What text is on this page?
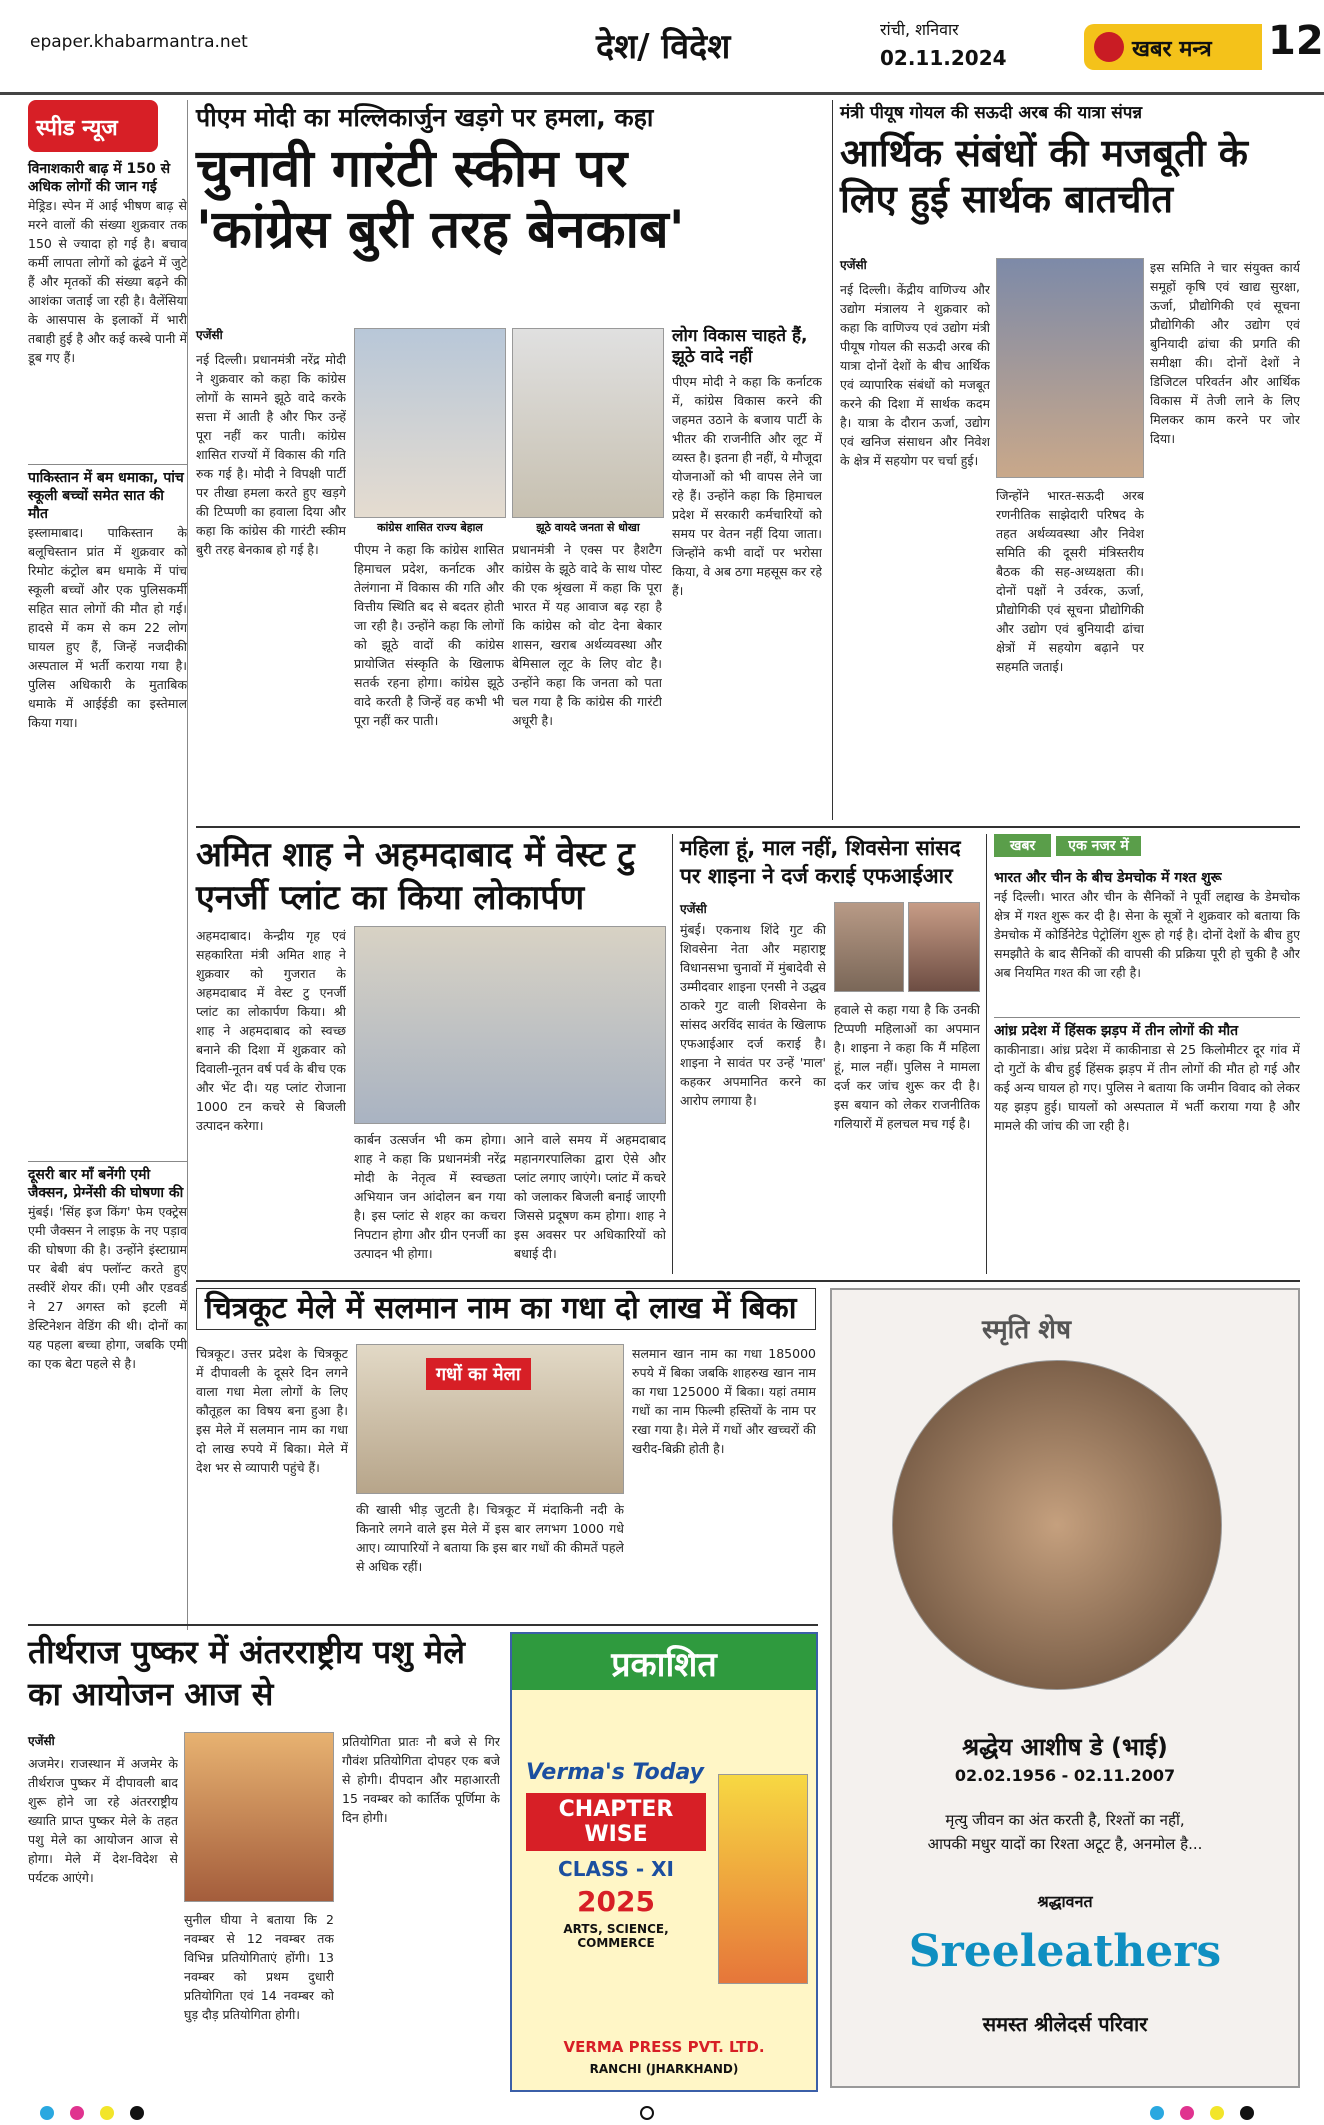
epaper.khabarmantra.net	देश/ विदेश	रांची, शनिवार
02.11.2024	खबर मन्त्र	12
स्पीड न्यूज
विनाशकारी बाढ़ में 150 से अधिक लोगों की जान गई
मेड्रिड। स्पेन में आई भीषण बाढ़ से मरने वालों की संख्या शुक्रवार तक 150 से ज्यादा हो गई है। बचाव कर्मी लापता लोगों को ढूंढने में जुटे हैं और मृतकों की संख्या बढ़ने की आशंका जताई जा रही है। वैलेंसिया के आसपास के इलाकों में भारी तबाही हुई है और कई कस्बे पानी में डूब गए हैं।
पाकिस्तान में बम धमाका, पांच स्कूली बच्चों समेत सात की मौत
इस्लामाबाद। पाकिस्तान के बलूचिस्तान प्रांत में शुक्रवार को रिमोट कंट्रोल बम धमाके में पांच स्कूली बच्चों और एक पुलिसकर्मी सहित सात लोगों की मौत हो गई। हादसे में कम से कम 22 लोग घायल हुए हैं, जिन्हें नजदीकी अस्पताल में भर्ती कराया गया है। पुलिस अधिकारी के मुताबिक धमाके में आईईडी का इस्तेमाल किया गया।
दूसरी बार माँ बनेंगी एमी जैक्सन, प्रेग्नेंसी की घोषणा की
मुंबई। 'सिंह इज किंग' फेम एक्ट्रेस एमी जैक्सन ने लाइफ़ के नए पड़ाव की घोषणा की है। उन्होंने इंस्टाग्राम पर बेबी बंप फ्लॉन्ट करते हुए तस्वीरें शेयर कीं। एमी और एडवर्ड ने 27 अगस्त को इटली में डेस्टिनेशन वेडिंग की थी। दोनों का यह पहला बच्चा होगा, जबकि एमी का एक बेटा पहले से है।
पीएम मोदी का मल्लिकार्जुन खड़गे पर हमला, कहा
चुनावी गारंटी स्कीम पर
'कांग्रेस बुरी तरह बेनकाब'
एजेंसी
नई दिल्ली। प्रधानमंत्री नरेंद्र मोदी ने शुक्रवार को कहा कि कांग्रेस लोगों के सामने झूठे वादे करके सत्ता में आती है और फिर उन्हें पूरा नहीं कर पाती। कांग्रेस शासित राज्यों में विकास की गति रुक गई है। मोदी ने विपक्षी पार्टी पर तीखा हमला करते हुए खड़गे की टिप्पणी का हवाला दिया और कहा कि कांग्रेस की गारंटी स्कीम बुरी तरह बेनकाब हो गई है।
कांग्रेस शासित राज्य बेहाल	झूठे वायदे जनता से धोखा
पीएम ने कहा कि कांग्रेस शासित हिमाचल प्रदेश, कर्नाटक और तेलंगाना में विकास की गति और वित्तीय स्थिति बद से बदतर होती जा रही है। उन्होंने कहा कि लोगों को झूठे वादों की कांग्रेस प्रायोजित संस्कृति के खिलाफ सतर्क रहना होगा। कांग्रेस झूठे वादे करती है जिन्हें वह कभी भी पूरा नहीं कर पाती।
प्रधानमंत्री ने एक्स पर हैशटैग कांग्रेस के झूठे वादे के साथ पोस्ट की एक श्रृंखला में कहा कि पूरा भारत में यह आवाज बढ़ रहा है कि कांग्रेस को वोट देना बेकार शासन, खराब अर्थव्यवस्था और बेमिसाल लूट के लिए वोट है। उन्होंने कहा कि जनता को पता चल गया है कि कांग्रेस की गारंटी अधूरी है।
लोग विकास चाहते हैं, झूठे वादे नहीं
पीएम मोदी ने कहा कि कर्नाटक में, कांग्रेस विकास करने की जहमत उठाने के बजाय पार्टी के भीतर की राजनीति और लूट में व्यस्त है। इतना ही नहीं, ये मौजूदा योजनाओं को भी वापस लेने जा रहे हैं। उन्होंने कहा कि हिमाचल प्रदेश में सरकारी कर्मचारियों को समय पर वेतन नहीं दिया जाता। जिन्होंने कभी वादों पर भरोसा किया, वे अब ठगा महसूस कर रहे हैं।
मंत्री पीयूष गोयल की सऊदी अरब की यात्रा संपन्न
आर्थिक संबंधों की मजबूती के लिए हुई सार्थक बातचीत
एजेंसी
नई दिल्ली। केंद्रीय वाणिज्य और उद्योग मंत्रालय ने शुक्रवार को कहा कि वाणिज्य एवं उद्योग मंत्री पीयूष गोयल की सऊदी अरब की यात्रा दोनों देशों के बीच आर्थिक एवं व्यापारिक संबंधों को मजबूत करने की दिशा में सार्थक कदम है। यात्रा के दौरान ऊर्जा, उद्योग एवं खनिज संसाधन और निवेश के क्षेत्र में सहयोग पर चर्चा हुई।
जिन्होंने भारत-सऊदी अरब रणनीतिक साझेदारी परिषद के तहत अर्थव्यवस्था और निवेश समिति की दूसरी मंत्रिस्तरीय बैठक की सह-अध्यक्षता की। दोनों पक्षों ने उर्वरक, ऊर्जा, प्रौद्योगिकी एवं सूचना प्रौद्योगिकी और उद्योग एवं बुनियादी ढांचा क्षेत्रों में सहयोग बढ़ाने पर सहमति जताई।
इस समिति ने चार संयुक्त कार्य समूहों कृषि एवं खाद्य सुरक्षा, ऊर्जा, प्रौद्योगिकी एवं सूचना प्रौद्योगिकी और उद्योग एवं बुनियादी ढांचा की प्रगति की समीक्षा की। दोनों देशों ने डिजिटल परिवर्तन और आर्थिक विकास में तेजी लाने के लिए मिलकर काम करने पर जोर दिया।
अमित शाह ने अहमदाबाद में वेस्ट टु एनर्जी प्लांट का किया लोकार्पण
अहमदाबाद। केन्द्रीय गृह एवं सहकारिता मंत्री अमित शाह ने शुक्रवार को गुजरात के अहमदाबाद में वेस्ट टु एनर्जी प्लांट का लोकार्पण किया। श्री शाह ने अहमदाबाद को स्वच्छ बनाने की दिशा में शुक्रवार को दिवाली-नूतन वर्ष पर्व के बीच एक और भेंट दी। यह प्लांट रोजाना 1000 टन कचरे से बिजली उत्पादन करेगा।
कार्बन उत्सर्जन भी कम होगा। शाह ने कहा कि प्रधानमंत्री नरेंद्र मोदी के नेतृत्व में स्वच्छता अभियान जन आंदोलन बन गया है। इस प्लांट से शहर का कचरा निपटान होगा और ग्रीन एनर्जी का उत्पादन भी होगा।
आने वाले समय में अहमदाबाद महानगरपालिका द्वारा ऐसे और प्लांट लगाए जाएंगे। प्लांट में कचरे को जलाकर बिजली बनाई जाएगी जिससे प्रदूषण कम होगा। शाह ने इस अवसर पर अधिकारियों को बधाई दी।
महिला हूं, माल नहीं, शिवसेना सांसद
पर शाइना ने दर्ज कराई एफआईआर
एजेंसी
मुंबई। एकनाथ शिंदे गुट की शिवसेना नेता और महाराष्ट्र विधानसभा चुनावों में मुंबादेवी से उम्मीदवार शाइना एनसी ने उद्धव ठाकरे गुट वाली शिवसेना के सांसद अरविंद सावंत के खिलाफ एफआईआर दर्ज कराई है। शाइना ने सावंत पर उन्हें 'माल' कहकर अपमानित करने का आरोप लगाया है।
हवाले से कहा गया है कि उनकी टिप्पणी महिलाओं का अपमान है। शाइना ने कहा कि मैं महिला हूं, माल नहीं। पुलिस ने मामला दर्ज कर जांच शुरू कर दी है। इस बयान को लेकर राजनीतिक गलियारों में हलचल मच गई है।
खबर एक नजर में
भारत और चीन के बीच डेमचोक में गश्त शुरू
नई दिल्ली। भारत और चीन के सैनिकों ने पूर्वी लद्दाख के डेमचोक क्षेत्र में गश्त शुरू कर दी है। सेना के सूत्रों ने शुक्रवार को बताया कि डेमचोक में कोर्डिनेटेड पेट्रोलिंग शुरू हो गई है। दोनों देशों के बीच हुए समझौते के बाद सैनिकों की वापसी की प्रक्रिया पूरी हो चुकी है और अब नियमित गश्त की जा रही है।
आंध्र प्रदेश में हिंसक झड़प में तीन लोगों की मौत
काकीनाडा। आंध्र प्रदेश में काकीनाडा से 25 किलोमीटर दूर गांव में दो गुटों के बीच हुई हिंसक झड़प में तीन लोगों की मौत हो गई और कई अन्य घायल हो गए। पुलिस ने बताया कि जमीन विवाद को लेकर यह झड़प हुई। घायलों को अस्पताल में भर्ती कराया गया है और मामले की जांच की जा रही है।
चित्रकूट मेले में सलमान नाम का गधा दो लाख में बिका
चित्रकूट। उत्तर प्रदेश के चित्रकूट में दीपावली के दूसरे दिन लगने वाला गधा मेला लोगों के लिए कौतूहल का विषय बना हुआ है। इस मेले में सलमान नाम का गधा दो लाख रुपये में बिका। मेले में देश भर से व्यापारी पहुंचे हैं।
गधों का मेला
की खासी भीड़ जुटती है। चित्रकूट में मंदाकिनी नदी के किनारे लगने वाले इस मेले में इस बार लगभग 1000 गधे आए। व्यापारियों ने बताया कि इस बार गधों की कीमतें पहले से अधिक रहीं।
सलमान खान नाम का गधा 185000 रुपये में बिका जबकि शाहरुख खान नाम का गधा 125000 में बिका। यहां तमाम गधों का नाम फिल्मी हस्तियों के नाम पर रखा गया है। मेले में गधों और खच्चरों की खरीद-बिक्री होती है।
स्मृति शेष
श्रद्धेय आशीष डे (भाई)
02.02.1956 - 02.11.2007
मृत्यु जीवन का अंत करती है, रिश्तों का नहीं,
आपकी मधुर यादों का रिश्ता अटूट है, अनमोल है...
श्रद्धावनत
Sreeleathers
समस्त श्रीलेदर्स परिवार
तीर्थराज पुष्कर में अंतरराष्ट्रीय पशु मेले का आयोजन आज से
एजेंसी
अजमेर। राजस्थान में अजमेर के तीर्थराज पुष्कर में दीपावली बाद शुरू होने जा रहे अंतरराष्ट्रीय ख्याति प्राप्त पुष्कर मेले के तहत पशु मेले का आयोजन आज से होगा। मेले में देश-विदेश से पर्यटक आएंगे।
सुनील घीया ने बताया कि 2 नवम्बर से 12 नवम्बर तक विभिन्न प्रतियोगिताएं होंगी। 13 नवम्बर को प्रथम दुधारी प्रतियोगिता एवं 14 नवम्बर को घुड़ दौड़ प्रतियोगिता होगी।
प्रतियोगिता प्रातः नौ बजे से गिर गौवंश प्रतियोगिता दोपहर एक बजे से होगी। दीपदान और महाआरती 15 नवम्बर को कार्तिक पूर्णिमा के दिन होगी।
प्रकाशित
Verma's Today
CHAPTER WISE
CLASS - XI
2025
ARTS, SCIENCE, COMMERCE
VERMA PRESS PVT. LTD.
RANCHI (JHARKHAND)
